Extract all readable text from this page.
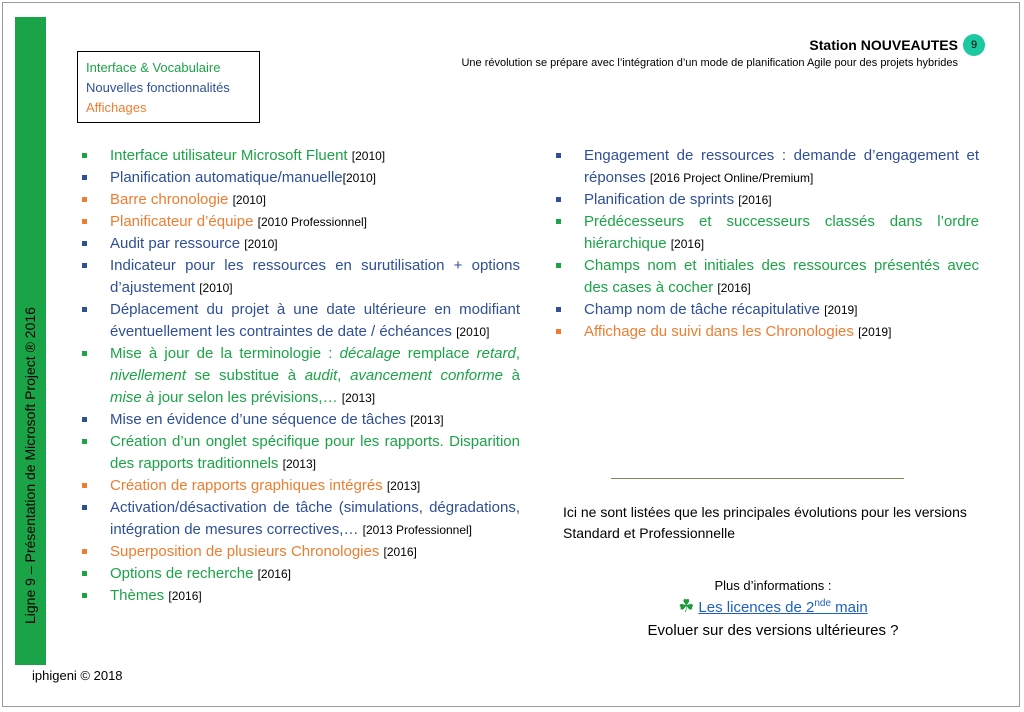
Ligne 9 – Présentation de Microsoft Project ® 2016
Interface & Vocabulaire
Nouvelles fonctionnalités
Affichages
Station NOUVEAUTES	9
Une révolution se prépare avec l’intégration d’un mode de planification Agile pour des projets hybrides
Interface utilisateur Microsoft Fluent [2010]
Planification automatique/manuelle[2010]
Barre chronologie [2010]
Planificateur d’équipe [2010 Professionnel]
Audit par ressource [2010]
Indicateur pour les ressources en surutilisation + options d’ajustement [2010]
Déplacement du projet à une date ultérieure en modifiant éventuellement les contraintes de date / échéances [2010]
Mise à jour de la terminologie : décalage remplace retard, nivellement se substitue à audit, avancement conforme à mise à jour selon les prévisions,… [2013]
Mise en évidence d’une séquence de tâches [2013]
Création d’un onglet spécifique pour les rapports. Disparition des rapports traditionnels [2013]
Création de rapports graphiques intégrés [2013]
Activation/désactivation de tâche (simulations, dégradations, intégration de mesures correctives,… [2013 Professionnel]
Superposition de plusieurs Chronologies [2016]
Options de recherche [2016]
Thèmes [2016]
Engagement de ressources : demande d’engagement et réponses [2016 Project Online/Premium]
Planification de sprints [2016]
Prédécesseurs et successeurs classés dans l’ordre hiérarchique [2016]
Champs nom et initiales des ressources présentés avec des cases à cocher [2016]
Champ nom de tâche récapitulative [2019]
Affichage du suivi dans les Chronologies [2019]
Ici ne sont listées que les principales évolutions pour les versions Standard et Professionnelle
Plus d’informations :
☘ Les licences de 2nde main
Evoluer sur des versions ultérieures ?
iphigeni © 2018
